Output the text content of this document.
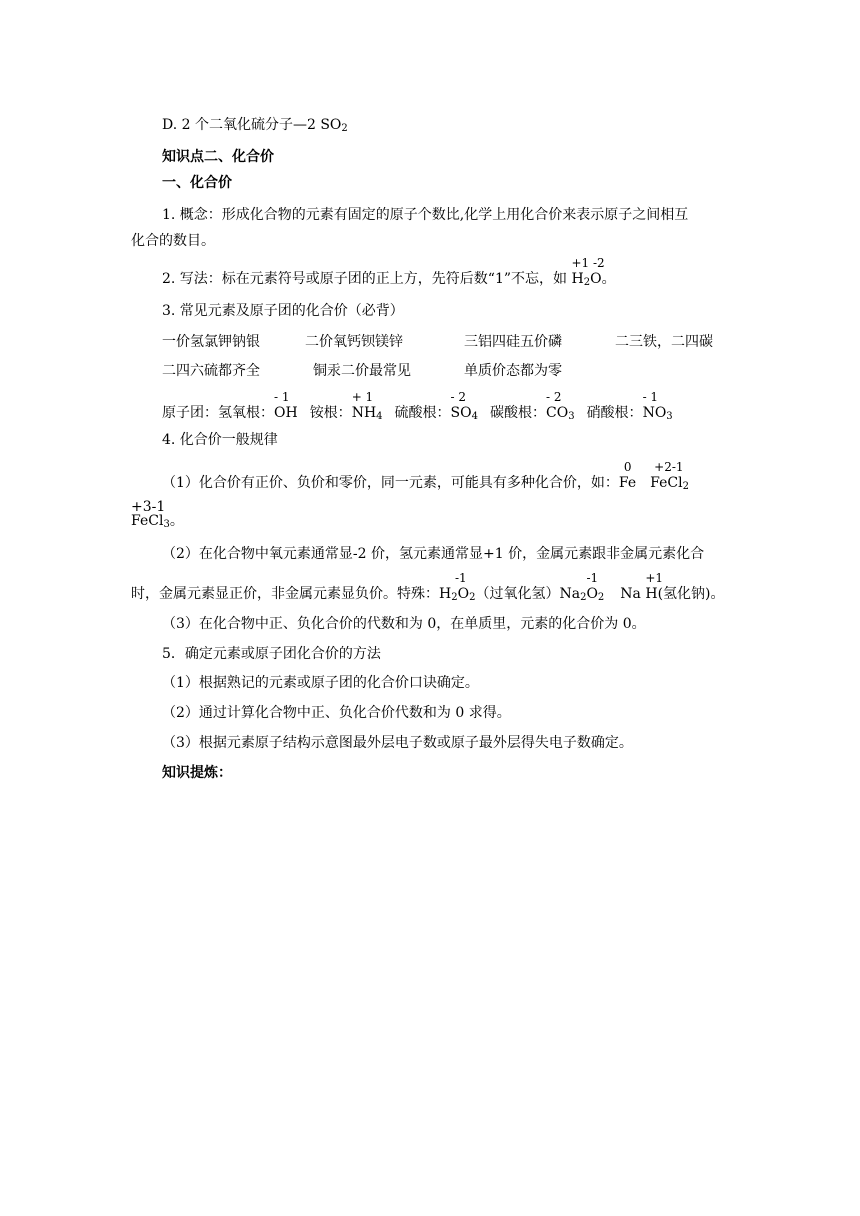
D. 2 个二氧化硫分子—2 $SO_2$
知识点二、化合价
一、化合价
1. 概念：形成化合物的元素有固定的原子个数比,化学上用化合价来表示原子之间相互
化合的数目。
2. 写法：标在元素符号或原子团的正上方，先符后数“1”不忘，如
+1 -2
$H_2O$。
3. 常见元素及原子团的化合价（必背）
一价氢氯钾钠银	二价氧钙钡镁锌	三铝四硅五价磷	二三铁，二四碳
二四六硫都齐全	铜汞二价最常见	单质价态都为零
原子团：氢氧根：
- 1
OH 铵根：
+ 1
$NH_4$ 硫酸根：
- 2
$SO_4$ 碳酸根：
- 2
$CO_3$ 硝酸根：
- 1
$NO_3$
4. 化合价一般规律
（1）化合价有正价、负价和零价，同一元素，可能具有多种化合价，如：
0
Fe
+2-1
FeCl$_2$
+3-1
FeCl$_3$。
（2）在化合物中氧元素通常显-2 价，氢元素通常显+1 价，金属元素跟非金属元素化合
时，金属元素显正价，非金属元素显负价。特殊：
-1
$H_2O_2$（过氧化氢）$Na_2$
-1
$O_2$ Na
+1
H(氢化钠)。
（3）在化合物中正、负化合价的代数和为 0，在单质里，元素的化合价为 0。
5．确定元素或原子团化合价的方法
（1）根据熟记的元素或原子团的化合价口诀确定。
（2）通过计算化合物中正、负化合价代数和为 0 求得。
（3）根据元素原子结构示意图最外层电子数或原子最外层得失电子数确定。
知识提炼：
